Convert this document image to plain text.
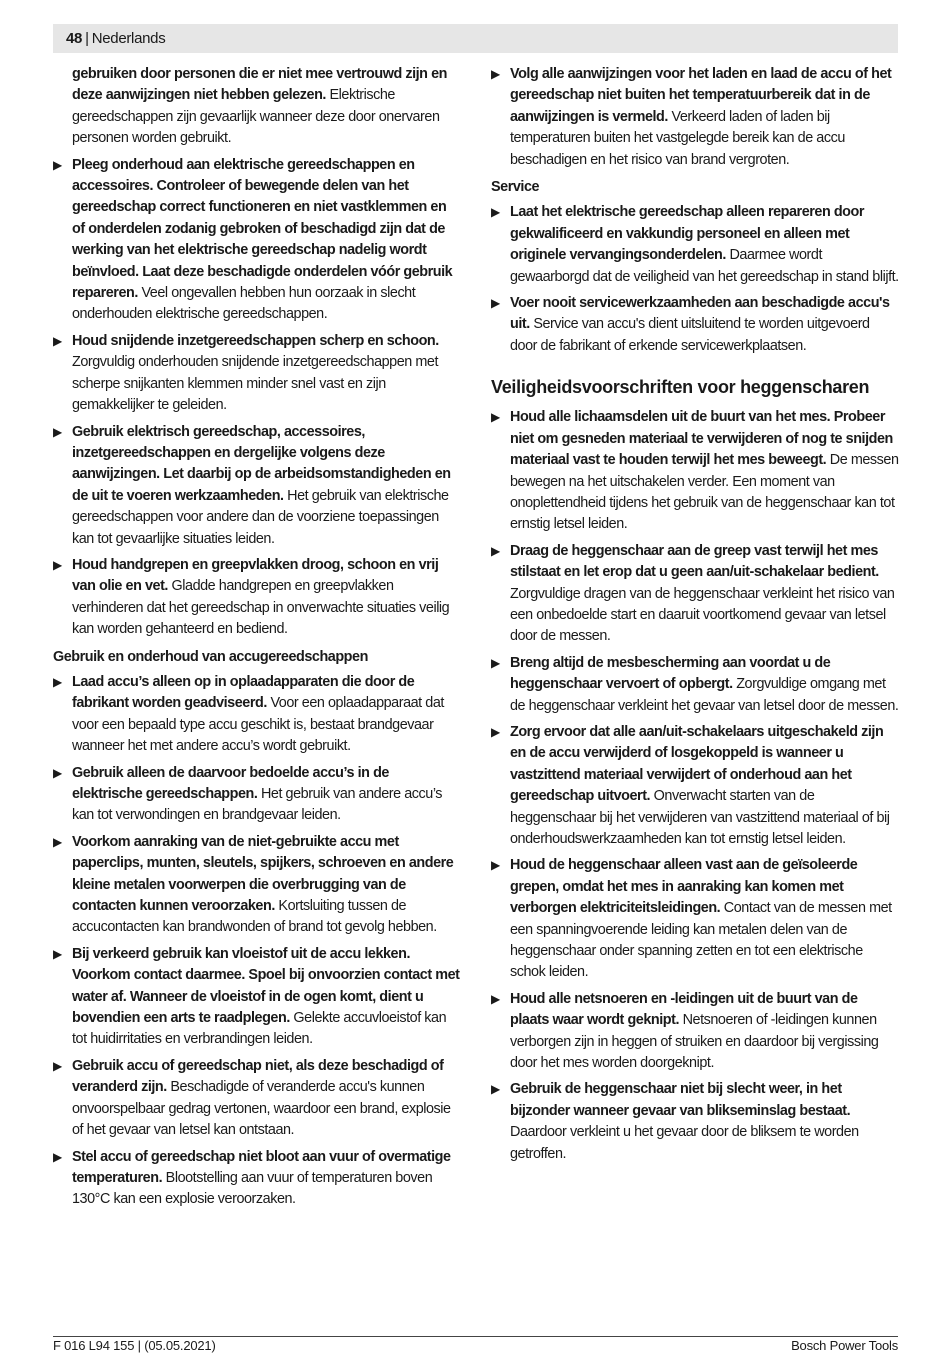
48 | Nederlands
gebruiken door personen die er niet mee vertrouwd zijn en deze aanwijzingen niet hebben gelezen. Elektrische gereedschappen zijn gevaarlijk wanneer deze door onervaren personen worden gebruikt.
▶ Pleeg onderhoud aan elektrische gereedschappen en accessoires. Controleer of bewegende delen van het gereedschap correct functioneren en niet vastklemmen en of onderdelen zodanig gebroken of beschadigd zijn dat de werking van het elektrische gereedschap nadelig wordt beïnvloed. Laat deze beschadigde onderdelen vóór gebruik repareren. Veel ongevallen hebben hun oorzaak in slecht onderhouden elektrische gereedschappen.
▶ Houd snijdende inzetgereedschappen scherp en schoon. Zorgvuldig onderhouden snijdende inzetgereedschappen met scherpe snijkanten klemmen minder snel vast en zijn gemakkelijker te geleiden.
▶ Gebruik elektrisch gereedschap, accessoires, inzetgereedschappen en dergelijke volgens deze aanwijzingen. Let daarbij op de arbeidsomstandigheden en de uit te voeren werkzaamheden. Het gebruik van elektrische gereedschappen voor andere dan de voorziene toepassingen kan tot gevaarlijke situaties leiden.
▶ Houd handgrepen en greepvlakken droog, schoon en vrij van olie en vet. Gladde handgrepen en greepvlakken verhinderen dat het gereedschap in onverwachte situaties veilig kan worden gehanteerd en bediend.
Gebruik en onderhoud van accugereedschappen
▶ Laad accu’s alleen op in oplaadapparaten die door de fabrikant worden geadviseerd. Voor een oplaadapparaat dat voor een bepaald type accu geschikt is, bestaat brandgevaar wanneer het met andere accu’s wordt gebruikt.
▶ Gebruik alleen de daarvoor bedoelde accu’s in de elektrische gereedschappen. Het gebruik van andere accu’s kan tot verwondingen en brandgevaar leiden.
▶ Voorkom aanraking van de niet-gebruikte accu met paperclips, munten, sleutels, spijkers, schroeven en andere kleine metalen voorwerpen die overbrugging van de contacten kunnen veroorzaken. Kortsluiting tussen de accucontacten kan brandwonden of brand tot gevolg hebben.
▶ Bij verkeerd gebruik kan vloeistof uit de accu lekken. Voorkom contact daarmee. Spoel bij onvoorzien contact met water af. Wanneer de vloeistof in de ogen komt, dient u bovendien een arts te raadplegen. Gelekte accuvloeistof kan tot huidirritaties en verbrandingen leiden.
▶ Gebruik accu of gereedschap niet, als deze beschadigd of veranderd zijn. Beschadigde of veranderde accu's kunnen onvoorspelbaar gedrag vertonen, waardoor een brand, explosie of het gevaar van letsel kan ontstaan.
▶ Stel accu of gereedschap niet bloot aan vuur of overmatige temperaturen. Blootstelling aan vuur of temperaturen boven 130°C kan een explosie veroorzaken.
▶ Volg alle aanwijzingen voor het laden en laad de accu of het gereedschap niet buiten het temperatuurbereik dat in de aanwijzingen is vermeld. Verkeerd laden of laden bij temperaturen buiten het vastgelegde bereik kan de accu beschadigen en het risico van brand vergroten.
Service
▶ Laat het elektrische gereedschap alleen repareren door gekwalificeerd en vakkundig personeel en alleen met originele vervangingsonderdelen. Daarmee wordt gewaarborgd dat de veiligheid van het gereedschap in stand blijft.
▶ Voer nooit servicewerkzaamheden aan beschadigde accu's uit. Service van accu's dient uitsluitend te worden uitgevoerd door de fabrikant of erkende servicewerkplaatsen.
Veiligheidsvoorschriften voor heggenscharen
▶ Houd alle lichaamsdelen uit de buurt van het mes. Probeer niet om gesneden materiaal te verwijderen of nog te snijden materiaal vast te houden terwijl het mes beweegt. De messen bewegen na het uitschakelen verder. Een moment van onoplettendheid tijdens het gebruik van de heggenschaar kan tot ernstig letsel leiden.
▶ Draag de heggenschaar aan de greep vast terwijl het mes stilstaat en let erop dat u geen aan/uit-schakelaar bedient. Zorgvuldige dragen van de heggenschaar verkleint het risico van een onbedoelde start en daaruit voortkomend gevaar van letsel door de messen.
▶ Breng altijd de mesbescherming aan voordat u de heggenschaar vervoert of opbergt. Zorgvuldige omgang met de heggenschaar verkleint het gevaar van letsel door de messen.
▶ Zorg ervoor dat alle aan/uit-schakelaars uitgeschakeld zijn en de accu verwijderd of losgekoppeld is wanneer u vastzittend materiaal verwijdert of onderhoud aan het gereedschap uitvoert. Onverwacht starten van de heggenschaar bij het verwijderen van vastzittend materiaal of bij onderhoudswerkzaamheden kan tot ernstig letsel leiden.
▶ Houd de heggenschaar alleen vast aan de geïsoleerde grepen, omdat het mes in aanraking kan komen met verborgen elektriciteitsleidingen. Contact van de messen met een spanningvoerende leiding kan metalen delen van de heggenschaar onder spanning zetten en tot een elektrische schok leiden.
▶ Houd alle netsnoeren en -leidingen uit de buurt van de plaats waar wordt geknipt. Netsnoeren of -leidingen kunnen verborgen zijn in heggen of struiken en daardoor bij vergissing door het mes worden doorgeknipt.
▶ Gebruik de heggenschaar niet bij slecht weer, in het bijzonder wanneer gevaar van blikseminslag bestaat. Daardoor verkleint u het gevaar door de bliksem te worden getroffen.
F 016 L94 155 | (05.05.2021)	Bosch Power Tools
